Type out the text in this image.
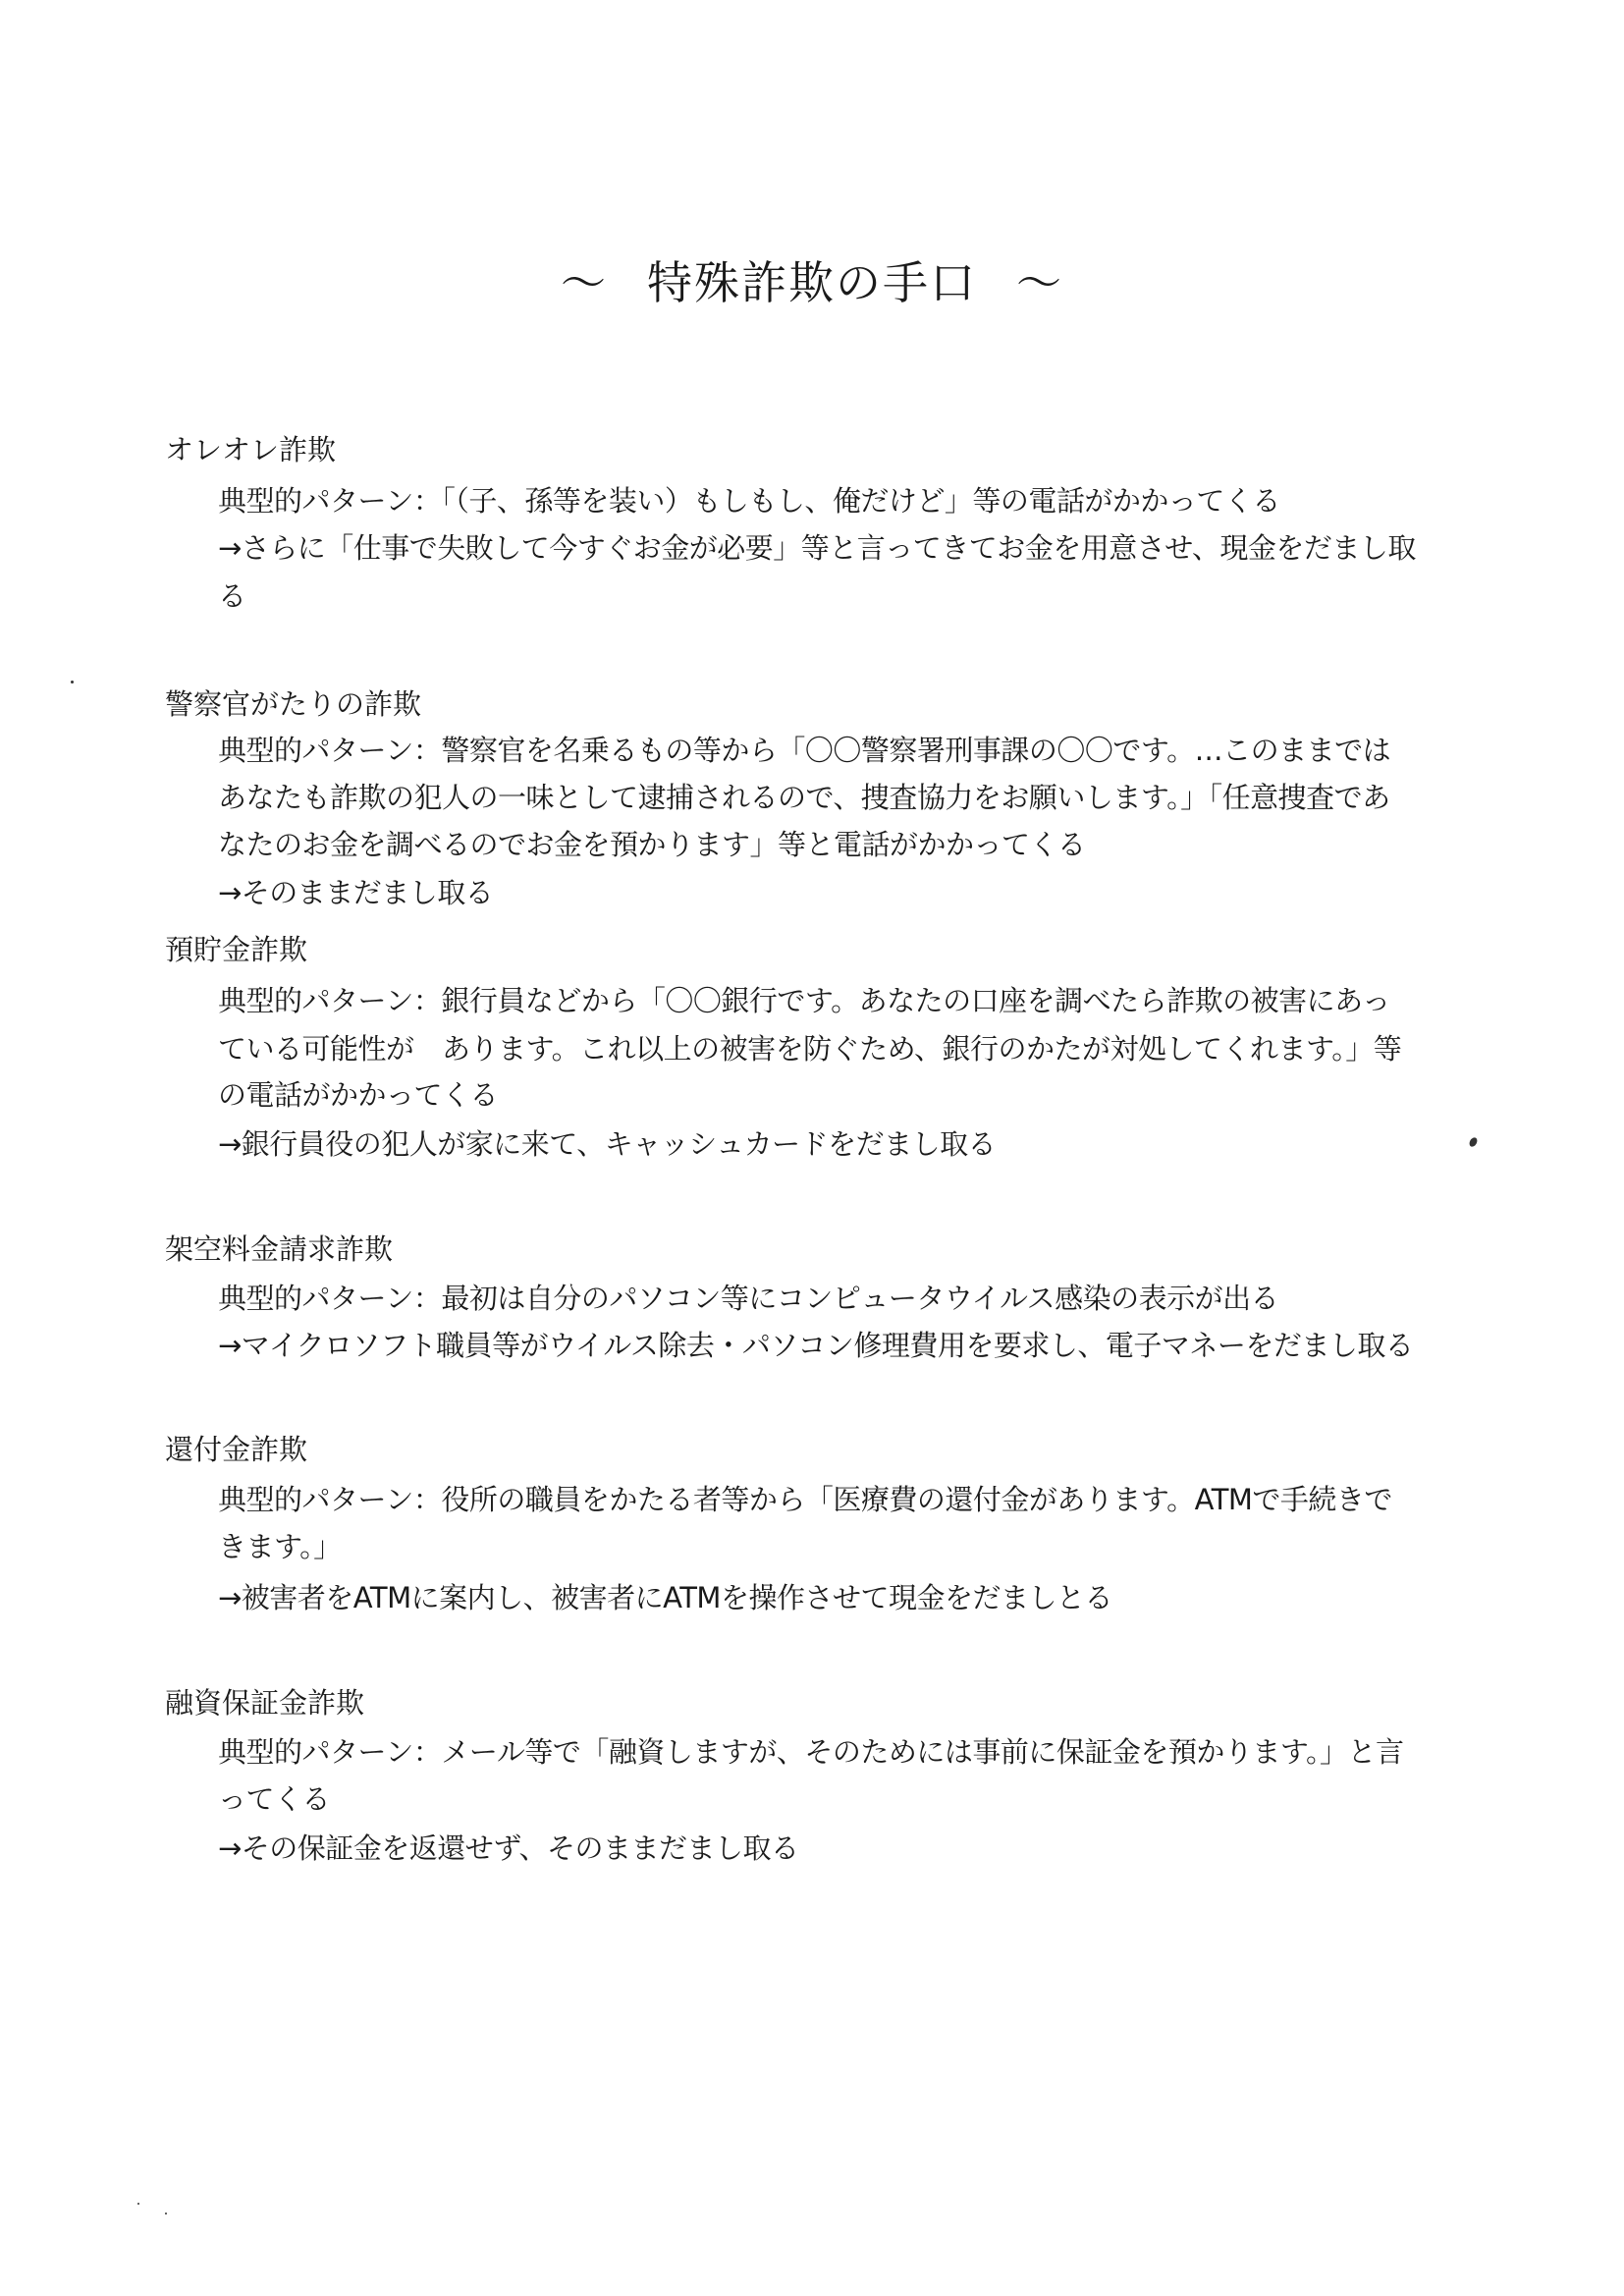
～ 特殊詐欺の手口 ～
オレオレ詐欺
典型的パターン：「（子、孫等を装い）もしもし、俺だけど」等の電話がかかってくる
→さらに「仕事で失敗して今すぐお金が必要」等と言ってきてお金を用意させ、現金をだまし取
る
警察官がたりの詐欺
典型的パターン：警察官を名乗るもの等から「〇〇警察署刑事課の〇〇です。…このままでは
あなたも詐欺の犯人の一味として逮捕されるので、捜査協力をお願いします。」「任意捜査であ
なたのお金を調べるのでお金を預かります」等と電話がかかってくる
→そのままだまし取る
預貯金詐欺
典型的パターン：銀行員などから「〇〇銀行です。あなたの口座を調べたら詐欺の被害にあっ
ている可能性が　あります。これ以上の被害を防ぐため、銀行のかたが対処してくれます。」等
の電話がかかってくる
→銀行員役の犯人が家に来て、キャッシュカードをだまし取る
架空料金請求詐欺
典型的パターン：最初は自分のパソコン等にコンピュータウイルス感染の表示が出る
→マイクロソフト職員等がウイルス除去・パソコン修理費用を要求し、電子マネーをだまし取る
還付金詐欺
典型的パターン：役所の職員をかたる者等から「医療費の還付金があります。ATMで手続きで
きます。」
→被害者をATMに案内し、被害者にATMを操作させて現金をだましとる
融資保証金詐欺
典型的パターン：メール等で「融資しますが、そのためには事前に保証金を預かります。」と言
ってくる
→その保証金を返還せず、そのままだまし取る
